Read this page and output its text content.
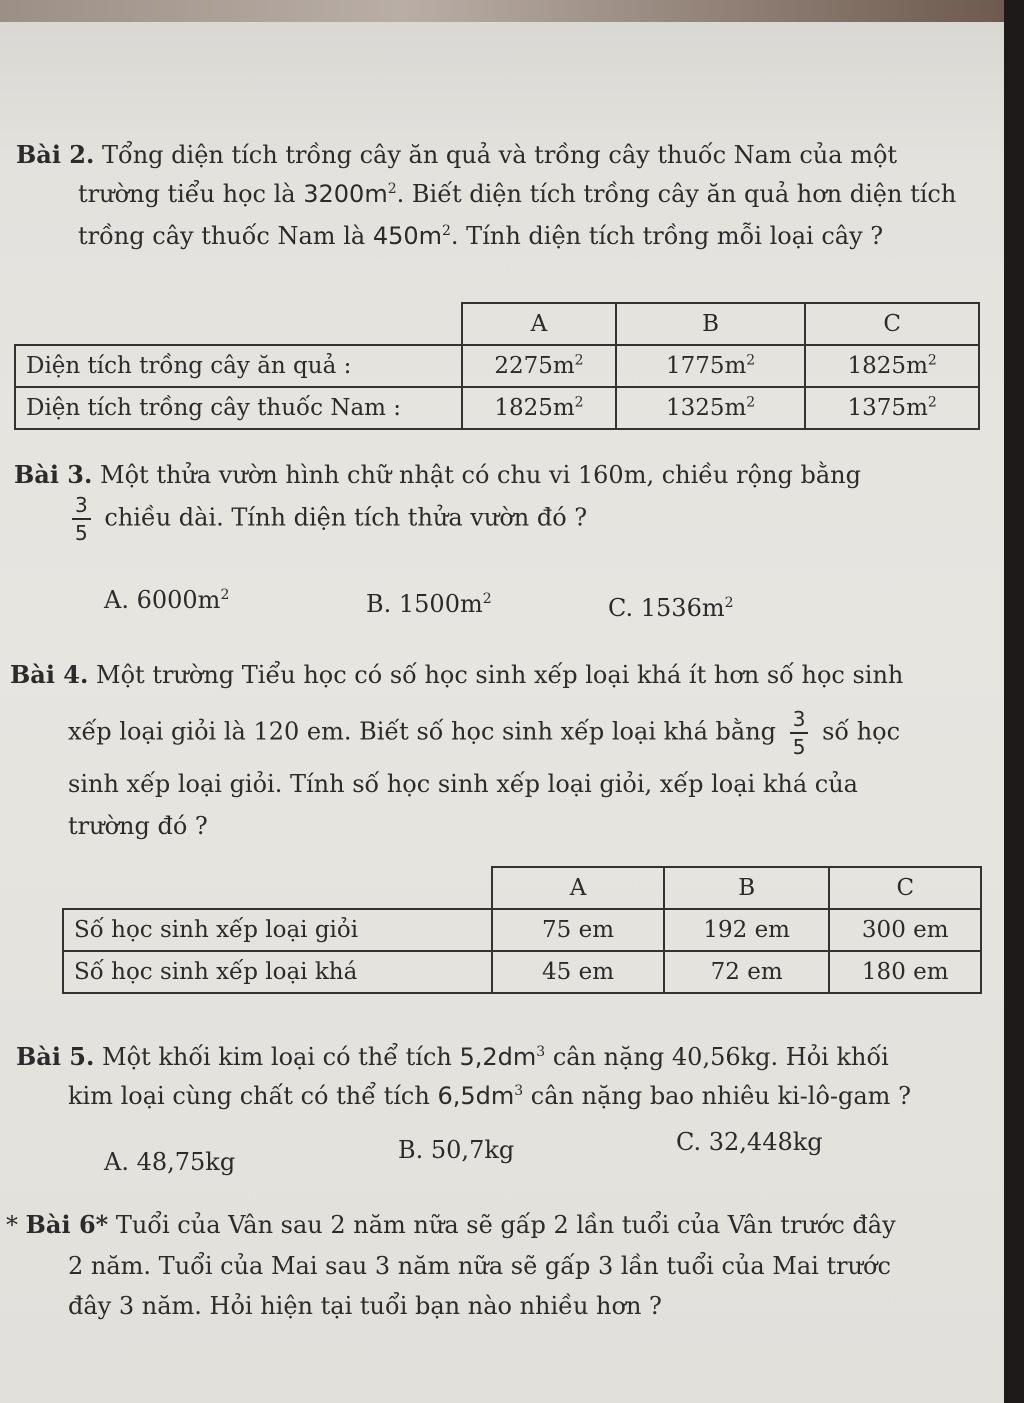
Bài 2. Tổng diện tích trồng cây ăn quả và trồng cây thuốc Nam của một
trường tiểu học là $3200m^2$. Biết diện tích trồng cây ăn quả hơn diện tích
trồng cây thuốc Nam là $450m^2$. Tính diện tích trồng mỗi loại cây ?
	A	B	C
Diện tích trồng cây ăn quả :	$2275m^2$	$1775m^2$	$1825m^2$
Diện tích trồng cây thuốc Nam :	$1825m^2$	$1325m^2$	$1375m^2$
Bài 3. Một thửa vườn hình chữ nhật có chu vi 160m, chiều rộng bằng
$\frac{3}{5}$ chiều dài. Tính diện tích thửa vườn đó ?
A. $6000m^2$	B. $1500m^2$	C. $1536m^2$
Bài 4. Một trường Tiểu học có số học sinh xếp loại khá ít hơn số học sinh
xếp loại giỏi là 120 em. Biết số học sinh xếp loại khá bằng $\frac{3}{5}$ số học
sinh xếp loại giỏi. Tính số học sinh xếp loại giỏi, xếp loại khá của
trường đó ?
	A	B	C
Số học sinh xếp loại giỏi	75 em	192 em	300 em
Số học sinh xếp loại khá	45 em	72 em	180 em
Bài 5. Một khối kim loại có thể tích $5,2dm^3$ cân nặng 40,56kg. Hỏi khối
kim loại cùng chất có thể tích $6,5dm^3$ cân nặng bao nhiêu ki-lô-gam ?
A. 48,75kg	B. 50,7kg	C. 32,448kg
* Bài 6* Tuổi của Vân sau 2 năm nữa sẽ gấp 2 lần tuổi của Vân trước đây
2 năm. Tuổi của Mai sau 3 năm nữa sẽ gấp 3 lần tuổi của Mai trước
đây 3 năm. Hỏi hiện tại tuổi bạn nào nhiều hơn ?
